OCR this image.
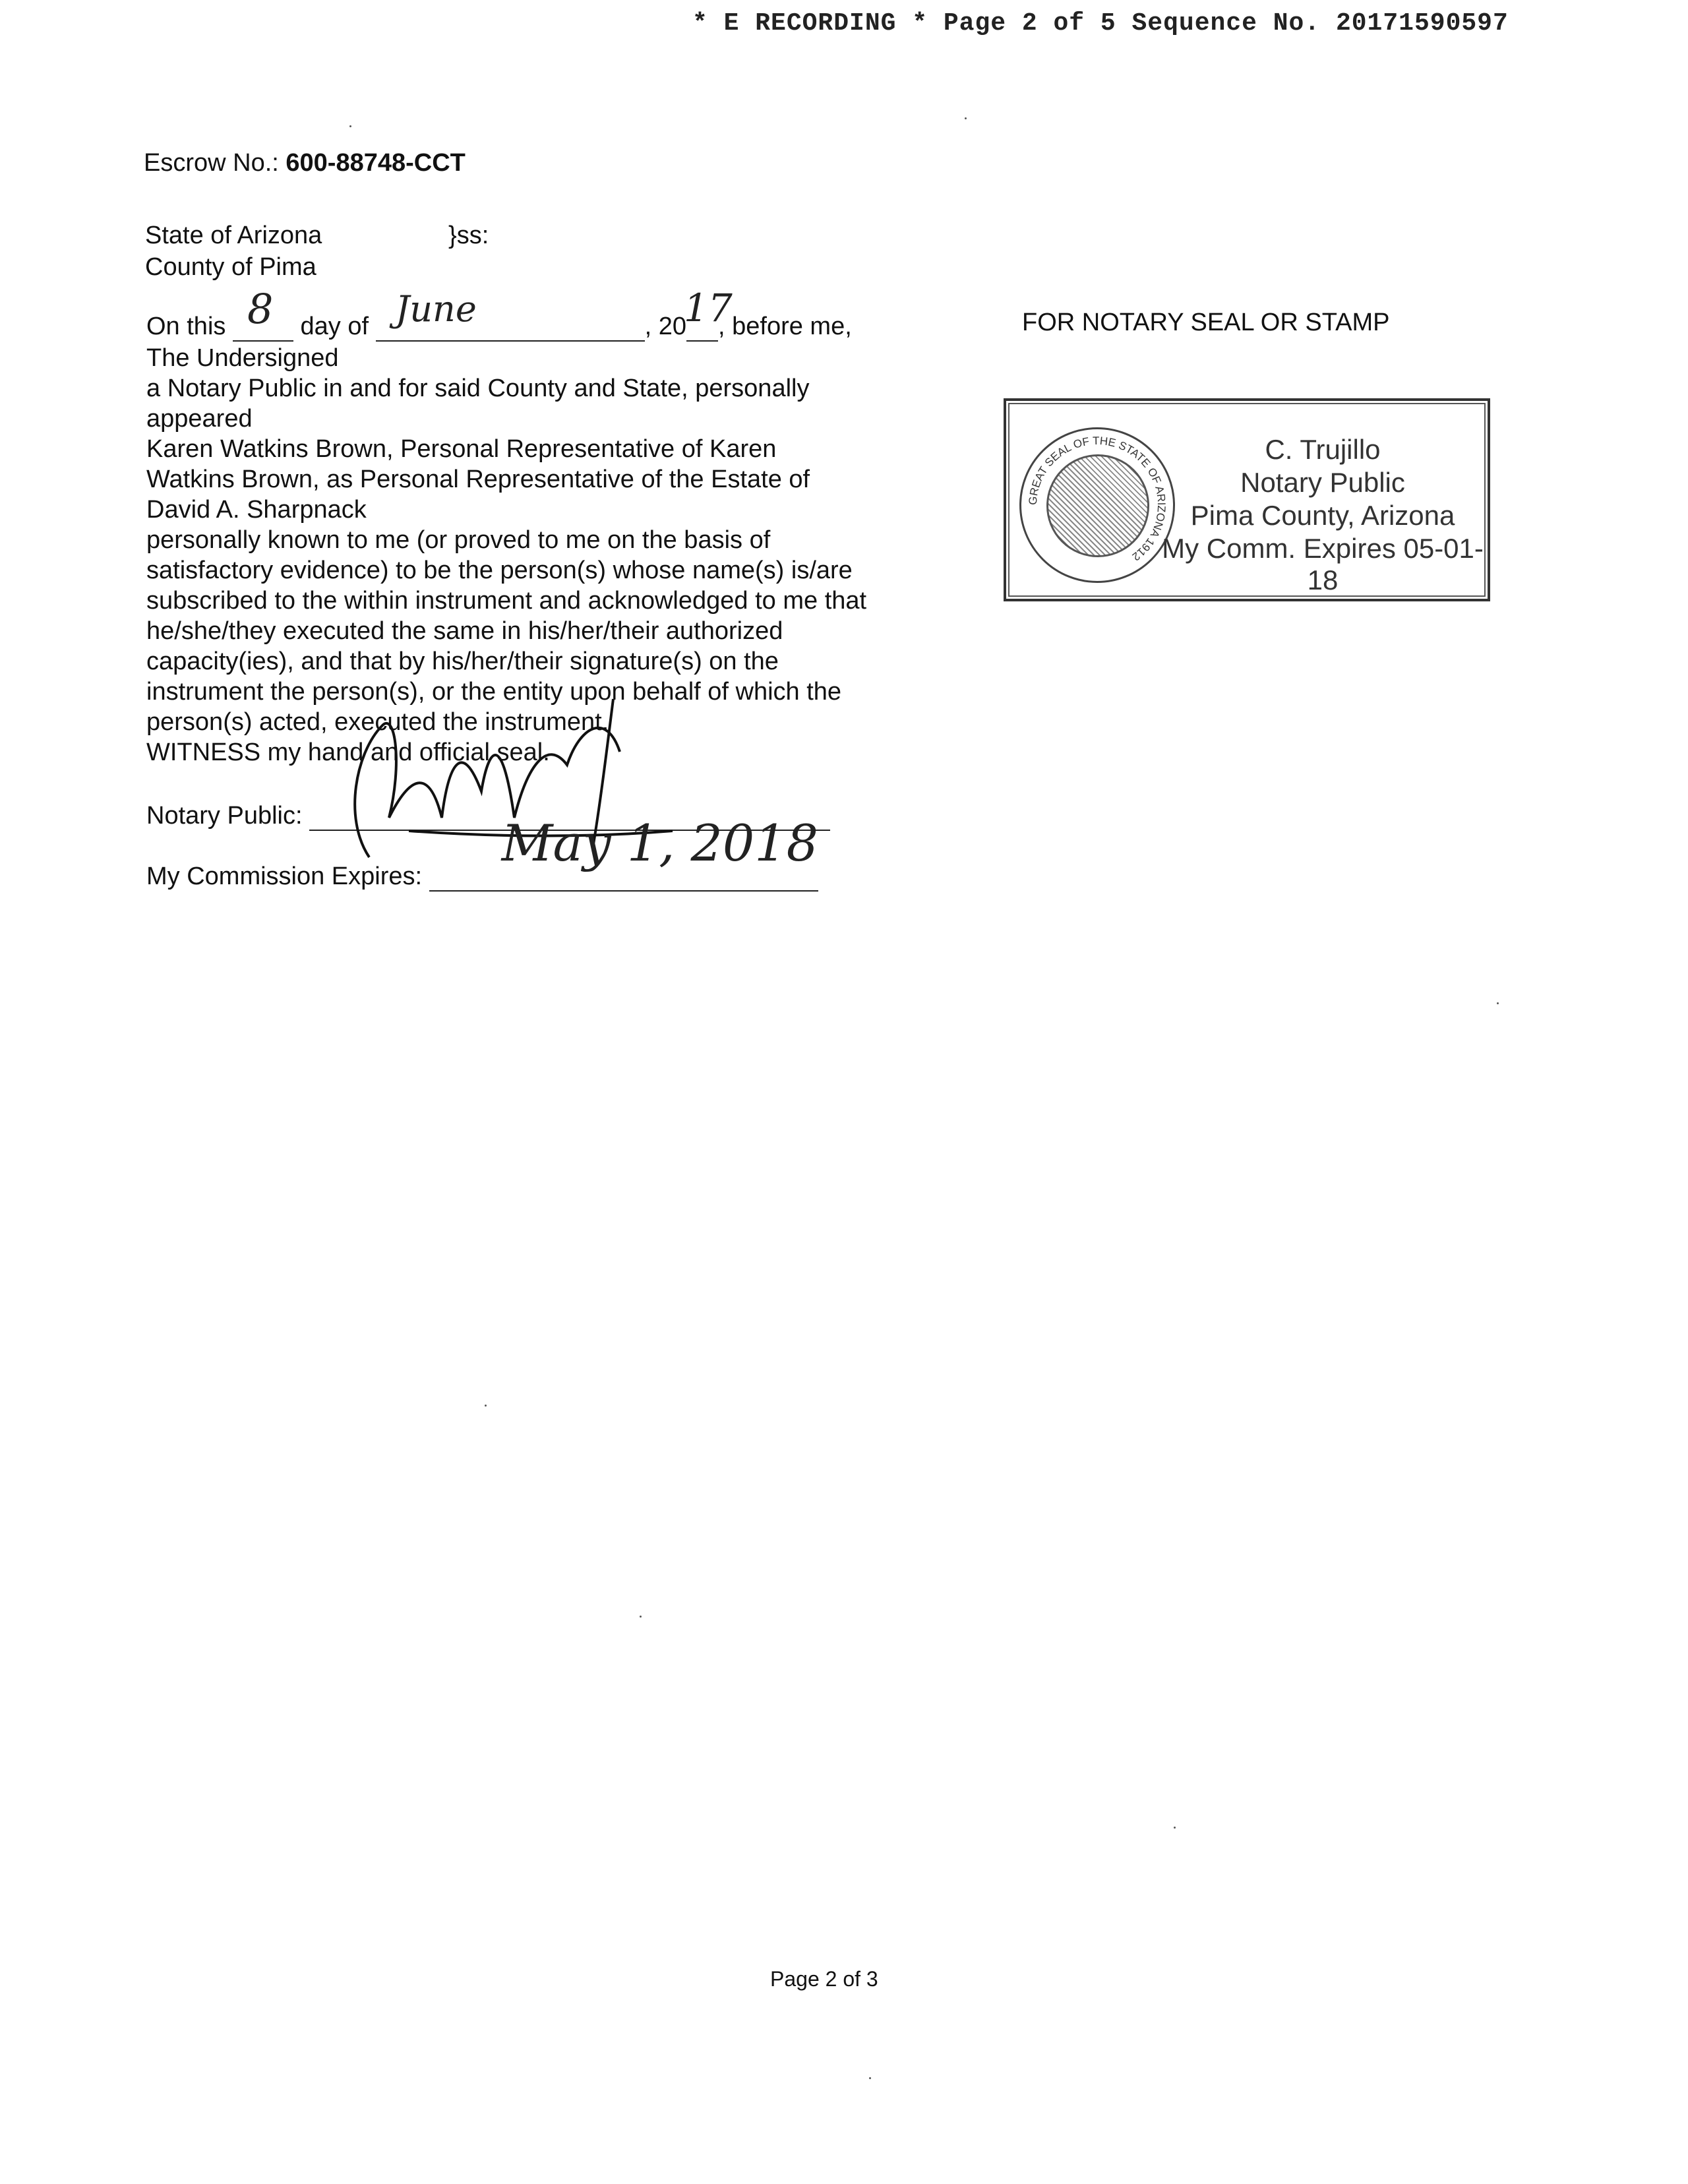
* E RECORDING * Page 2 of 5 Sequence No. 20171590597
Escrow No.: 600-88748-CCT
State of Arizona	}ss:
County of Pima
On this 8 day of June	, 20
17
, before me,
The Undersigned
a Notary Public in and for said County and State, personally
appeared
Karen Watkins Brown, Personal Representative of Karen
Watkins Brown, as Personal Representative of the Estate of
David A. Sharpnack
personally known to me (or proved to me on the basis of
satisfactory evidence) to be the person(s) whose name(s) is/are
subscribed to the within instrument and acknowledged to me that
he/she/they executed the same in his/her/their authorized
capacity(ies), and that by his/her/their signature(s) on the
instrument the person(s), or the entity upon behalf of which the
person(s) acted, executed the instrument.
WITNESS my hand and official seal.
Notary Public:
My Commission Expires:
May 1, 2018
FOR NOTARY SEAL OR STAMP
GREAT SEAL OF THE STATE OF ARIZONA 1912
C. Trujillo
Notary Public
Pima County, Arizona
My Comm. Expires 05-01-18
Page 2 of 3
